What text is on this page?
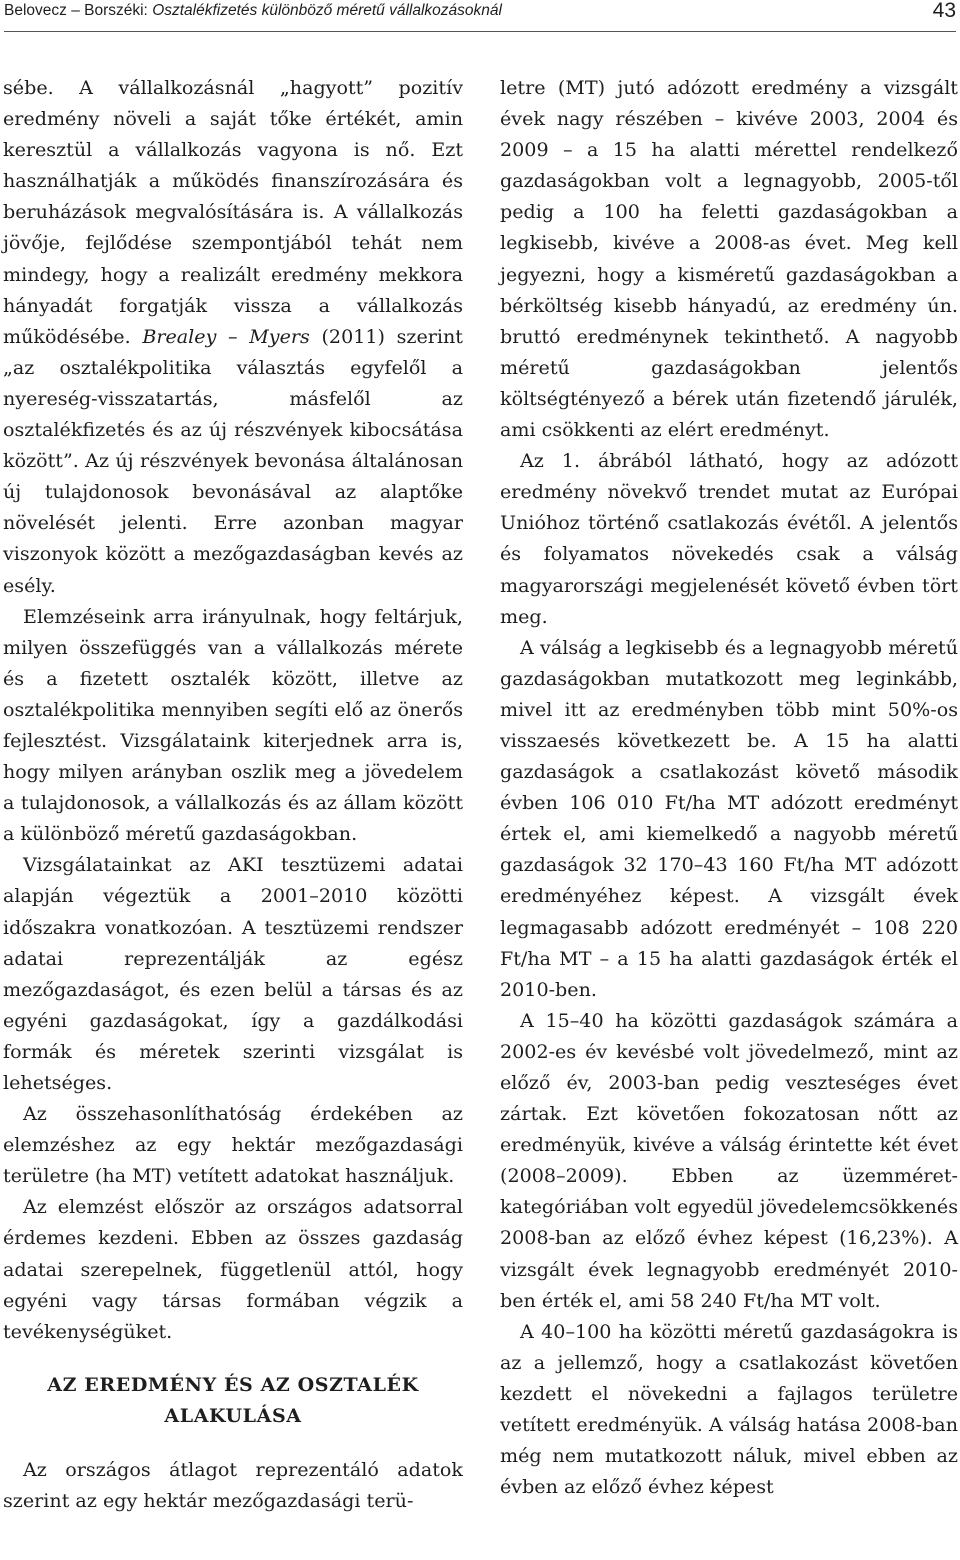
Belovecz – Borszéki: Osztalékfizetés különböző méretű vállalkozásoknál	43

sébe. A vállalkozásnál „hagyott” pozitív eredmény növeli a saját tőke értékét, amin keresztül a vállalkozás vagyona is nő. Ezt használhatják a működés finanszírozására és beruházások megvalósítására is. A vállalkozás jövője, fejlődése szempontjából tehát nem mindegy, hogy a realizált eredmény mekkora hányadát forgatják vissza a vállalkozás működésébe. Brealey – Myers (2011) szerint „az osztalékpolitika választás egyfelől a nyereség-visszatartás, másfelől az osztalékfizetés és az új részvények kibocsátása között”. Az új részvények bevonása általánosan új tulajdonosok bevonásával az alaptőke növelését jelenti. Erre azonban magyar viszonyok között a mezőgazdaságban kevés az esély.

Elemzéseink arra irányulnak, hogy feltárjuk, milyen összefüggés van a vállalkozás mérete és a fizetett osztalék között, illetve az osztalékpolitika mennyiben segíti elő az önerős fejlesztést. Vizsgálataink kiterjednek arra is, hogy milyen arányban oszlik meg a jövedelem a tulajdonosok, a vállalkozás és az állam között a különböző méretű gazdaságokban.

Vizsgálatainkat az AKI tesztüzemi adatai alapján végeztük a 2001–2010 közötti időszakra vonatkozóan. A tesztüzemi rendszer adatai reprezentálják az egész mezőgazdaságot, és ezen belül a társas és az egyéni gazdaságokat, így a gazdálkodási formák és méretek szerinti vizsgálat is lehetséges.

Az összehasonlíthatóság érdekében az elemzéshez az egy hektár mezőgazdasági területre (ha MT) vetített adatokat használjuk.

Az elemzést először az országos adatsorral érdemes kezdeni. Ebben az összes gazdaság adatai szerepelnek, függetlenül attól, hogy egyéni vagy társas formában végzik a tevékenységüket.

AZ EREDMÉNY ÉS AZ OSZTALÉK
ALAKULÁSA

Az országos átlagot reprezentáló adatok szerint az egy hektár mezőgazdasági terü-

letre (MT) jutó adózott eredmény a vizsgált évek nagy részében – kivéve 2003, 2004 és 2009 – a 15 ha alatti mérettel rendelkező gazdaságokban volt a legnagyobb, 2005-től pedig a 100 ha feletti gazdaságokban a legkisebb, kivéve a 2008-as évet. Meg kell jegyezni, hogy a kisméretű gazdaságokban a bérköltség kisebb hányadú, az eredmény ún. bruttó eredménynek tekinthető. A nagyobb méretű gazdaságokban jelentős költségtényező a bérek után fizetendő járulék, ami csökkenti az elért eredményt.

Az 1. ábrából látható, hogy az adózott eredmény növekvő trendet mutat az Európai Unióhoz történő csatlakozás évétől. A jelentős és folyamatos növekedés csak a válság magyarországi megjelenését követő évben tört meg.

A válság a legkisebb és a legnagyobb méretű gazdaságokban mutatkozott meg leginkább, mivel itt az eredményben több mint 50%-os visszaesés következett be. A 15 ha alatti gazdaságok a csatlakozást követő második évben 106 010 Ft/ha MT adózott eredményt értek el, ami kiemelkedő a nagyobb méretű gazdaságok 32 170–43 160 Ft/ha MT adózott eredményéhez képest. A vizsgált évek legmagasabb adózott eredményét – 108 220 Ft/ha MT – a 15 ha alatti gazdaságok érték el 2010-ben.

A 15–40 ha közötti gazdaságok számára a 2002-es év kevésbé volt jövedelmező, mint az előző év, 2003-ban pedig veszteséges évet zártak. Ezt követően fokozatosan nőtt az eredményük, kivéve a válság érintette két évet (2008–2009). Ebben az üzemméret-kategóriában volt egyedül jövedelemcsökkenés 2008-ban az előző évhez képest (16,23%). A vizsgált évek legnagyobb eredményét 2010-ben érték el, ami 58 240 Ft/ha MT volt.

A 40–100 ha közötti méretű gazdaságokra is az a jellemző, hogy a csatlakozást követően kezdett el növekedni a fajlagos területre vetített eredményük. A válság hatása 2008-ban még nem mutatkozott náluk, mivel ebben az évben az előző évhez képest
